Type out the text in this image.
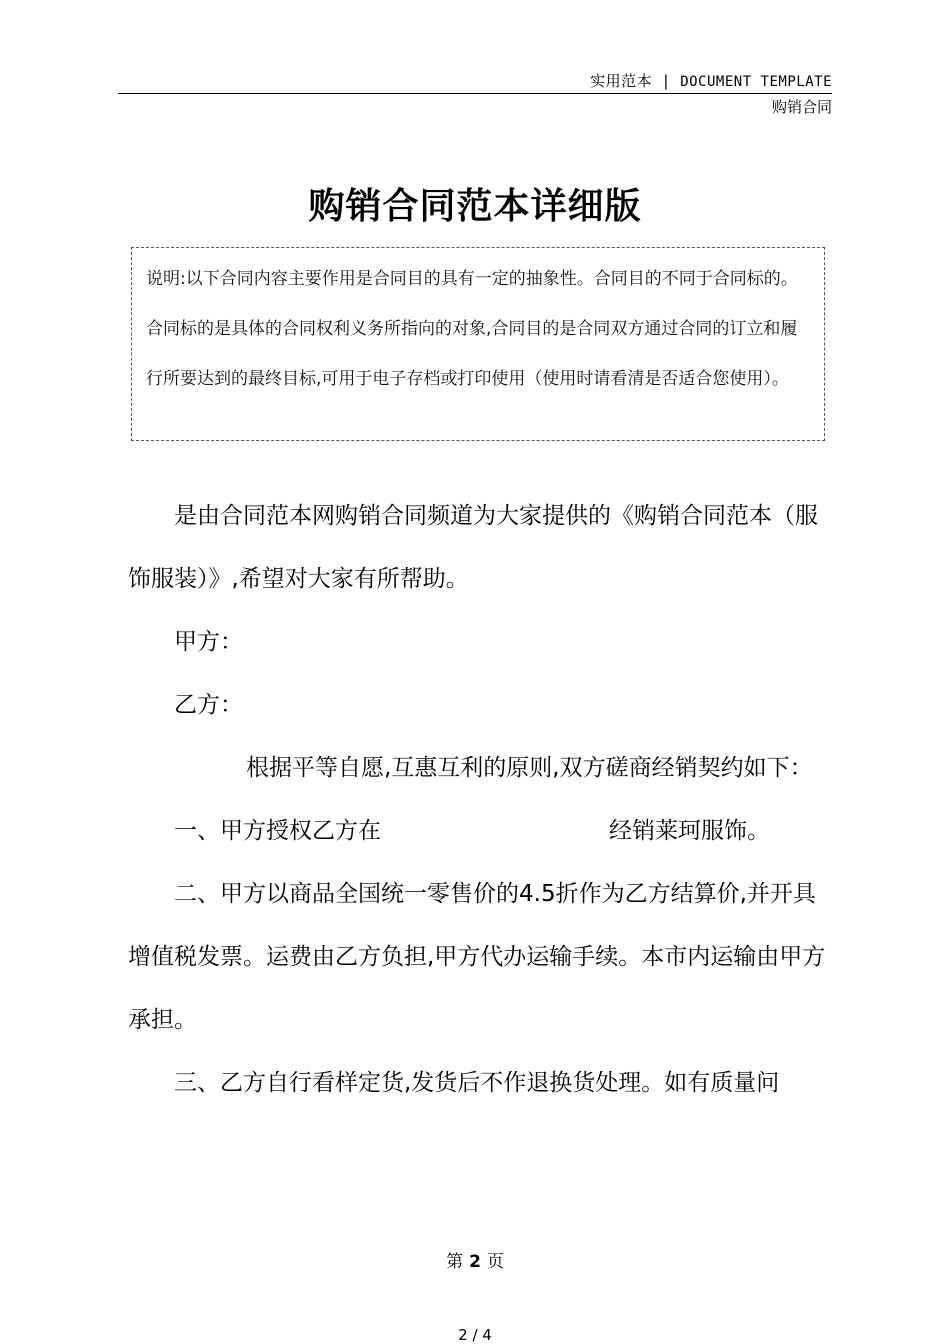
实用范本 | DOCUMENT TEMPLATE
购销合同
购销合同范本详细版
说明:以下合同内容主要作用是合同目的具有一定的抽象性。合同目的不同于合同标的。合同标的是具体的合同权利义务所指向的对象,合同目的是合同双方通过合同的订立和履行所要达到的最终目标,可用于电子存档或打印使用（使用时请看清是否适合您使用）。

是由合同范本网购销合同频道为大家提供的《购销合同范本（服饰服装）》,希望对大家有所帮助。

甲方：

乙方：

根据平等自愿,互惠互利的原则,双方磋商经销契约如下：

一、甲方授权乙方在	经销莱珂服饰。

二、甲方以商品全国统一零售价的4.5折作为乙方结算价,并开具增值税发票。运费由乙方负担,甲方代办运输手续。本市内运输由甲方承担。

三、乙方自行看样定货,发货后不作退换货处理。如有质量问

第 2 页
2 / 4
